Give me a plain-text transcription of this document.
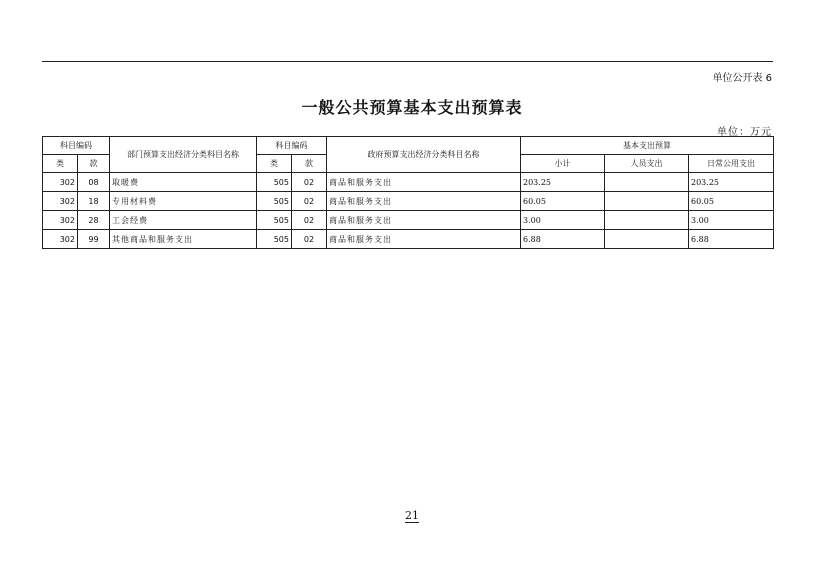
单位公开表 6
一般公共预算基本支出预算表
单位：万元
科目编码		部门预算支出经济分类科目名称	科目编码		政府预算支出经济分类科目名称	基本支出预算		
类	款		类	款		小计	人员支出	日常公用支出
302	08	取暖费	505	02	商品和服务支出	203.25		203.25
302	18	专用材料费	505	02	商品和服务支出	60.05		60.05
302	28	工会经费	505	02	商品和服务支出	3.00		3.00
302	99	其他商品和服务支出	505	02	商品和服务支出	6.88		6.88
21
